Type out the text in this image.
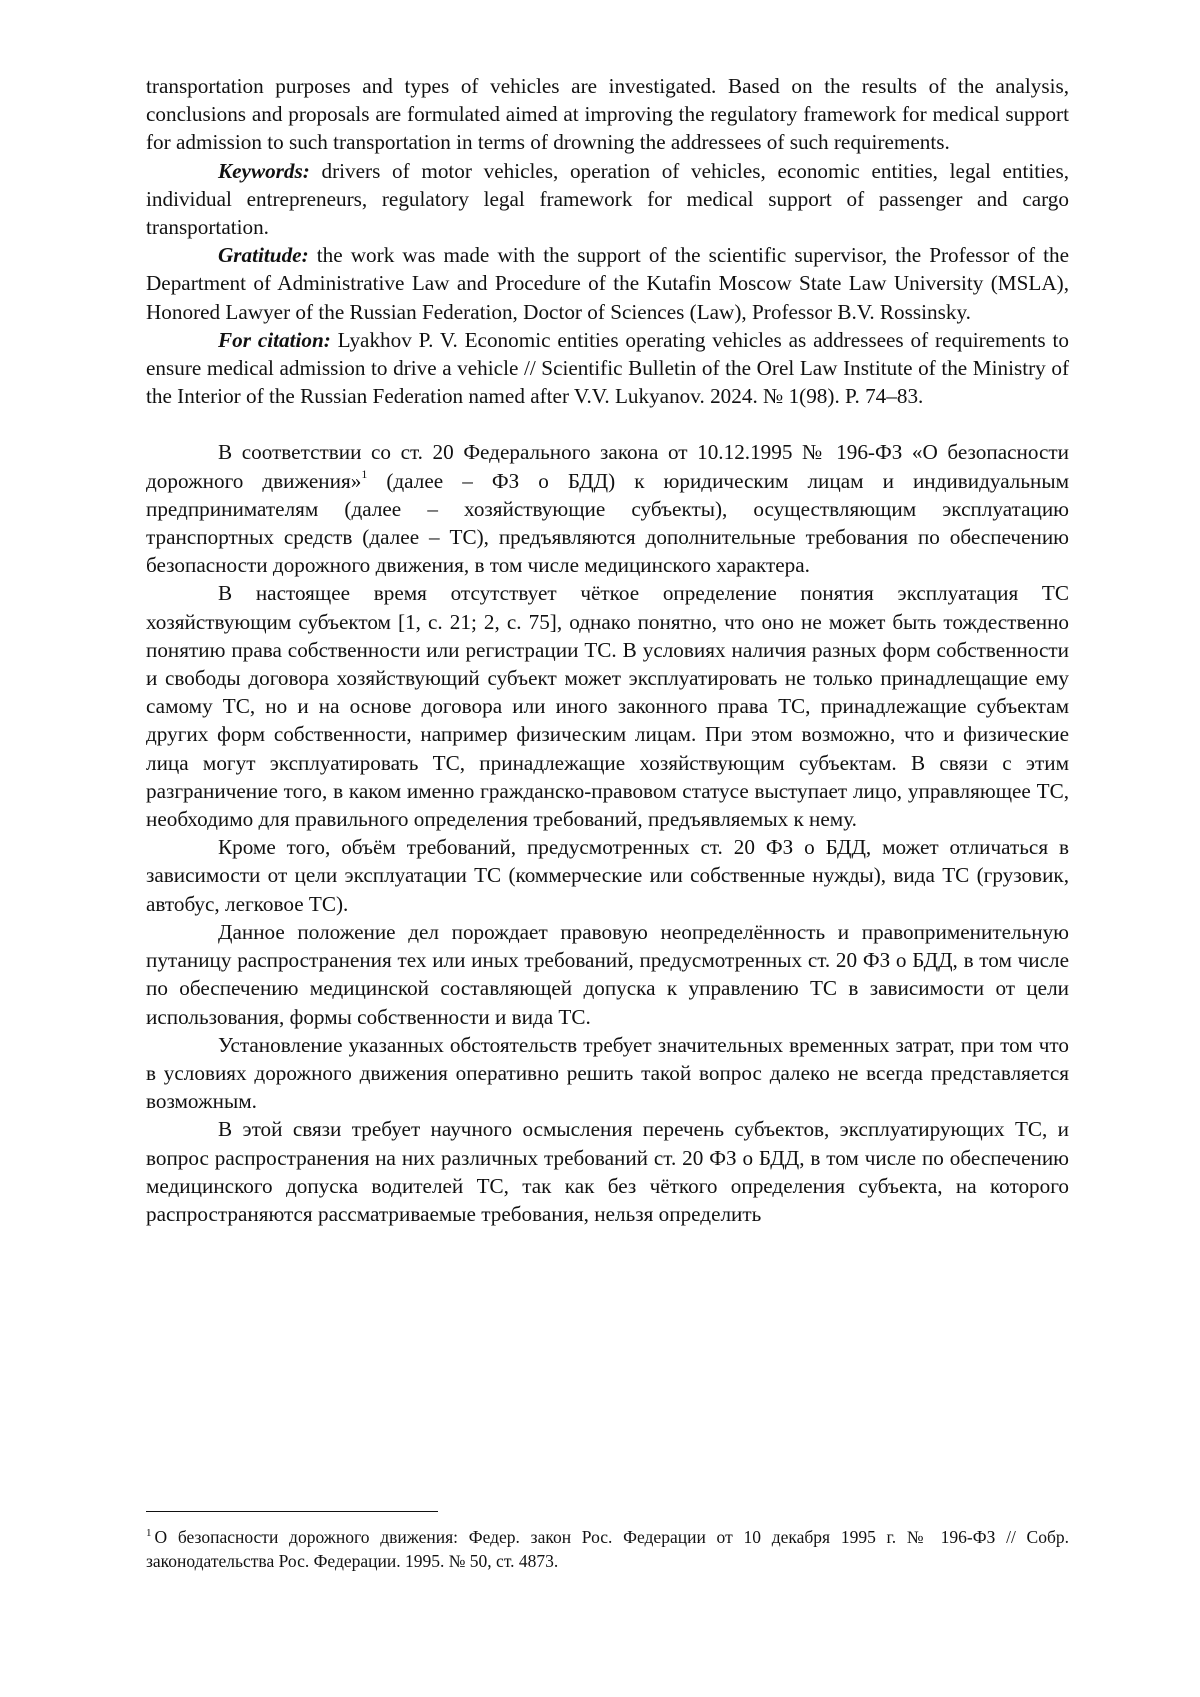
transportation purposes and types of vehicles are investigated. Based on the results of the analysis, conclusions and proposals are formulated aimed at improving the regulatory framework for medical support for admission to such transportation in terms of drowning the addressees of such requirements.

Keywords: drivers of motor vehicles, operation of vehicles, economic entities, legal entities, individual entrepreneurs, regulatory legal framework for medical support of passenger and cargo transportation.

Gratitude: the work was made with the support of the scientific supervisor, the Professor of the Department of Administrative Law and Procedure of the Kutafin Moscow State Law University (MSLA), Honored Lawyer of the Russian Federation, Doctor of Sciences (Law), Professor B.V. Rossinsky.

For citation: Lyakhov P. V. Economic entities operating vehicles as addressees of requirements to ensure medical admission to drive a vehicle // Scientific Bulletin of the Orel Law Institute of the Ministry of the Interior of the Russian Federation named after V.V. Lukyanov. 2024. № 1(98). P. 74–83.

В соответствии со ст. 20 Федерального закона от 10.12.1995 № 196-ФЗ «О безопасности дорожного движения»$^1$ (далее – ФЗ о БДД) к юридическим лицам и индивидуальным предпринимателям (далее – хозяйствующие субъекты), осуществляющим эксплуатацию транспортных средств (далее – ТС), предъявляются дополнительные требования по обеспечению безопасности дорожного движения, в том числе медицинского характера.

В настоящее время отсутствует чёткое определение понятия эксплуатация ТС хозяйствующим субъектом [1, с. 21; 2, с. 75], однако понятно, что оно не может быть тождественно понятию права собственности или регистрации ТС. В условиях наличия разных форм собственности и свободы договора хозяйствующий субъект может эксплуатировать не только принадлещащие ему самому ТС, но и на основе договора или иного законного права ТС, принадлежащие субъектам других форм собственности, например физическим лицам. При этом возможно, что и физические лица могут эксплуатировать ТС, принадлежащие хозяйствующим субъектам. В связи с этим разграничение того, в каком именно гражданско-правовом статусе выступает лицо, управляющее ТС, необходимо для правильного определения требований, предъявляемых к нему.

Кроме того, объём требований, предусмотренных ст. 20 ФЗ о БДД, может отличаться в зависимости от цели эксплуатации ТС (коммерческие или собственные нужды), вида ТС (грузовик, автобус, легковое ТС).

Данное положение дел порождает правовую неопределённость и правоприменительную путаницу распространения тех или иных требований, предусмотренных ст. 20 ФЗ о БДД, в том числе по обеспечению медицинской составляющей допуска к управлению ТС в зависимости от цели использования, формы собственности и вида ТС.

Установление указанных обстоятельств требует значительных временных затрат, при том что в условиях дорожного движения оперативно решить такой вопрос далеко не всегда представляется возможным.

В этой связи требует научного осмысления перечень субъектов, эксплуатирующих ТС, и вопрос распространения на них различных требований ст. 20 ФЗ о БДД, в том числе по обеспечению медицинского допуска водителей ТС, так как без чёткого определения субъекта, на которого распространяются рассматриваемые требования, нельзя определить

$^1$ О безопасности дорожного движения: Федер. закон Рос. Федерации от 10 декабря 1995 г. № 196-ФЗ // Собр. законодательства Рос. Федерации. 1995. № 50, ст. 4873.
